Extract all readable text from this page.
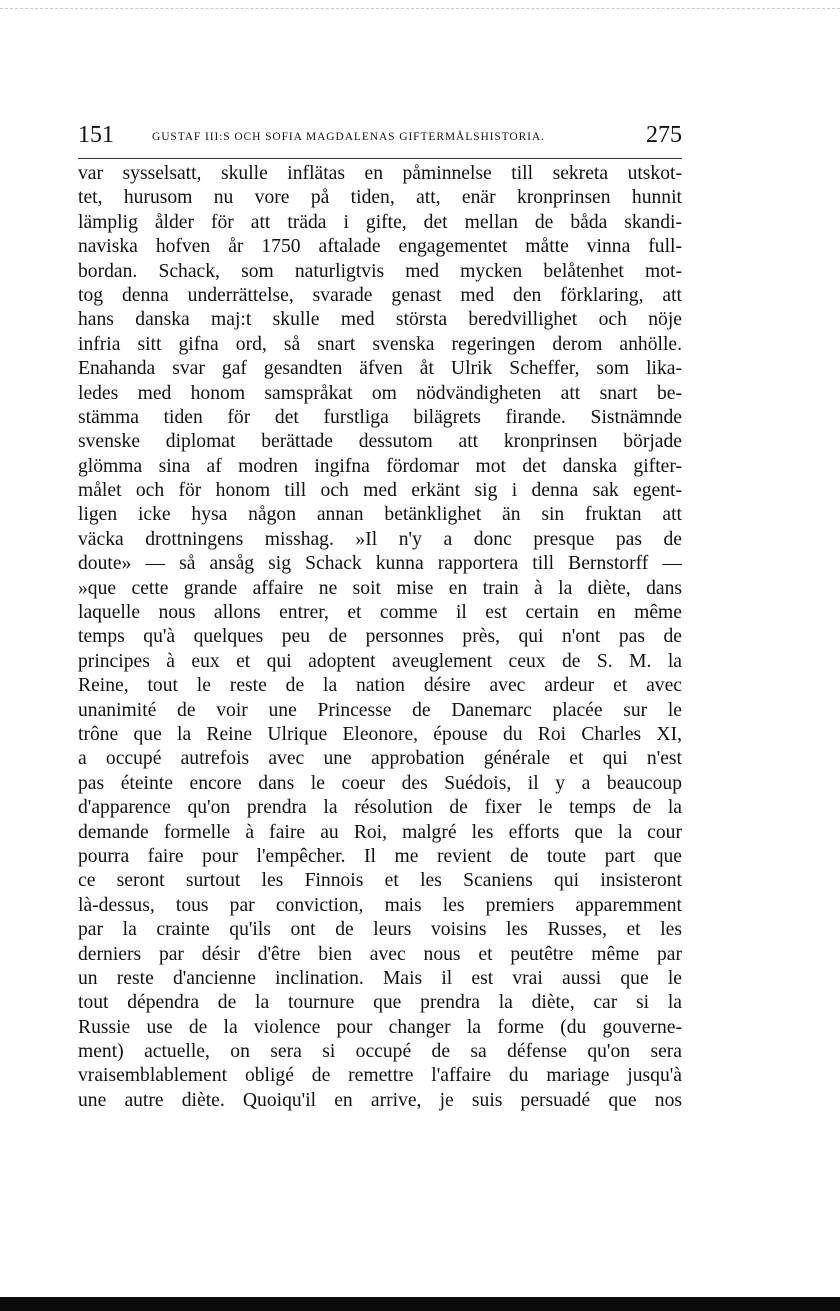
151	GUSTAF III:S OCH SOFIA MAGDALENAS GIFTERMÅLSHISTORIA.	275
var sysselsatt, skulle inflätas en påminnelse till sekreta utskot-
tet, hurusom nu vore på tiden, att, enär kronprinsen hunnit
lämplig ålder för att träda i gifte, det mellan de båda skandi-
naviska hofven år 1750 aftalade engagementet måtte vinna full-
bordan. Schack, som naturligtvis med mycken belåtenhet mot-
tog denna underrättelse, svarade genast med den förklaring, att
hans danska maj:t skulle med största beredvillighet och nöje
infria sitt gifna ord, så snart svenska regeringen derom anhölle.
Enahanda svar gaf gesandten äfven åt Ulrik Scheffer, som lika-
ledes med honom samspråkat om nödvändigheten att snart be-
stämma tiden för det furstliga bilägrets firande. Sistnämnde
svenske diplomat berättade dessutom att kronprinsen började
glömma sina af modren ingifna fördomar mot det danska gifter-
målet och för honom till och med erkänt sig i denna sak egent-
ligen icke hysa någon annan betänklighet än sin fruktan att
väcka drottningens misshag. »Il n'y a donc presque pas de
doute» — så ansåg sig Schack kunna rapportera till Bernstorff —
»que cette grande affaire ne soit mise en train à la diète, dans
laquelle nous allons entrer, et comme il est certain en même
temps qu'à quelques peu de personnes près, qui n'ont pas de
principes à eux et qui adoptent aveuglement ceux de S. M. la
Reine, tout le reste de la nation désire avec ardeur et avec
unanimité de voir une Princesse de Danemarc placée sur le
trône que la Reine Ulrique Eleonore, épouse du Roi Charles XI,
a occupé autrefois avec une approbation générale et qui n'est
pas éteinte encore dans le coeur des Suédois, il y a beaucoup
d'apparence qu'on prendra la résolution de fixer le temps de la
demande formelle à faire au Roi, malgré les efforts que la cour
pourra faire pour l'empêcher. Il me revient de toute part que
ce seront surtout les Finnois et les Scaniens qui insisteront
là-dessus, tous par conviction, mais les premiers apparemment
par la crainte qu'ils ont de leurs voisins les Russes, et les
derniers par désir d'être bien avec nous et peutêtre même par
un reste d'ancienne inclination. Mais il est vrai aussi que le
tout dépendra de la tournure que prendra la diète, car si la
Russie use de la violence pour changer la forme (du gouverne-
ment) actuelle, on sera si occupé de sa défense qu'on sera
vraisemblablement obligé de remettre l'affaire du mariage jusqu'à
une autre diète. Quoiqu'il en arrive, je suis persuadé que nos
